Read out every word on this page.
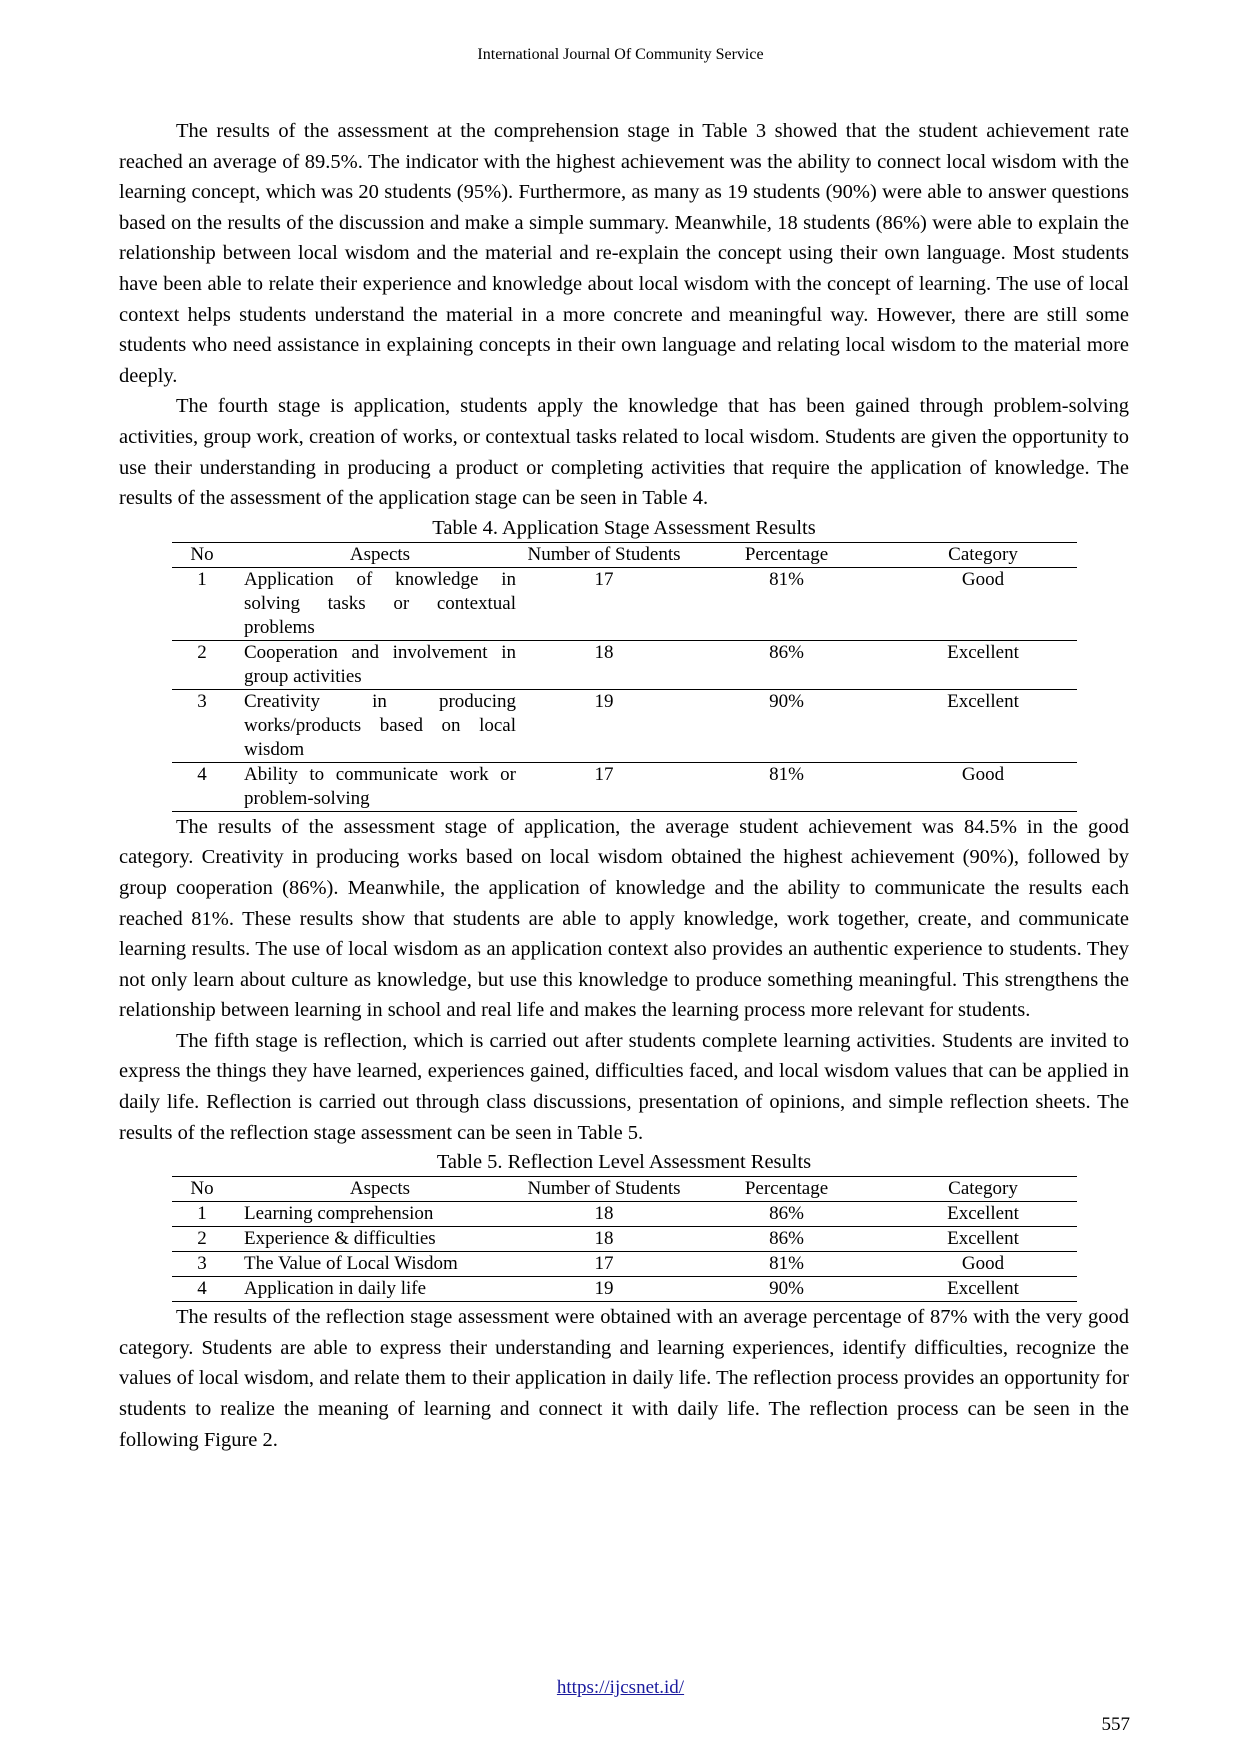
International Journal Of Community Service

The results of the assessment at the comprehension stage in Table 3 showed that the student achievement rate reached an average of 89.5%. The indicator with the highest achievement was the ability to connect local wisdom with the learning concept, which was 20 students (95%). Furthermore, as many as 19 students (90%) were able to answer questions based on the results of the discussion and make a simple summary. Meanwhile, 18 students (86%) were able to explain the relationship between local wisdom and the material and re-explain the concept using their own language. Most students have been able to relate their experience and knowledge about local wisdom with the concept of learning. The use of local context helps students understand the material in a more concrete and meaningful way. However, there are still some students who need assistance in explaining concepts in their own language and relating local wisdom to the material more deeply.

The fourth stage is application, students apply the knowledge that has been gained through problem-solving activities, group work, creation of works, or contextual tasks related to local wisdom. Students are given the opportunity to use their understanding in producing a product or completing activities that require the application of knowledge. The results of the assessment of the application stage can be seen in Table 4.

Table 4. Application Stage Assessment Results
No	Aspects	Number of Students	Percentage	Category
1	Application of knowledge in solving tasks or contextual problems	17	81%	Good
2	Cooperation and involvement in group activities	18	86%	Excellent
3	Creativity in producing works/products based on local wisdom	19	90%	Excellent
4	Ability to communicate work or problem-solving	17	81%	Good

The results of the assessment stage of application, the average student achievement was 84.5% in the good category. Creativity in producing works based on local wisdom obtained the highest achievement (90%), followed by group cooperation (86%). Meanwhile, the application of knowledge and the ability to communicate the results each reached 81%. These results show that students are able to apply knowledge, work together, create, and communicate learning results. The use of local wisdom as an application context also provides an authentic experience to students. They not only learn about culture as knowledge, but use this knowledge to produce something meaningful. This strengthens the relationship between learning in school and real life and makes the learning process more relevant for students.

The fifth stage is reflection, which is carried out after students complete learning activities. Students are invited to express the things they have learned, experiences gained, difficulties faced, and local wisdom values that can be applied in daily life. Reflection is carried out through class discussions, presentation of opinions, and simple reflection sheets. The results of the reflection stage assessment can be seen in Table 5.

Table 5. Reflection Level Assessment Results
No	Aspects	Number of Students	Percentage	Category
1	Learning comprehension	18	86%	Excellent
2	Experience & difficulties	18	86%	Excellent
3	The Value of Local Wisdom	17	81%	Good
4	Application in daily life	19	90%	Excellent

The results of the reflection stage assessment were obtained with an average percentage of 87% with the very good category. Students are able to express their understanding and learning experiences, identify difficulties, recognize the values of local wisdom, and relate them to their application in daily life. The reflection process provides an opportunity for students to realize the meaning of learning and connect it with daily life. The reflection process can be seen in the following Figure 2.

https://ijcsnet.id/
557
